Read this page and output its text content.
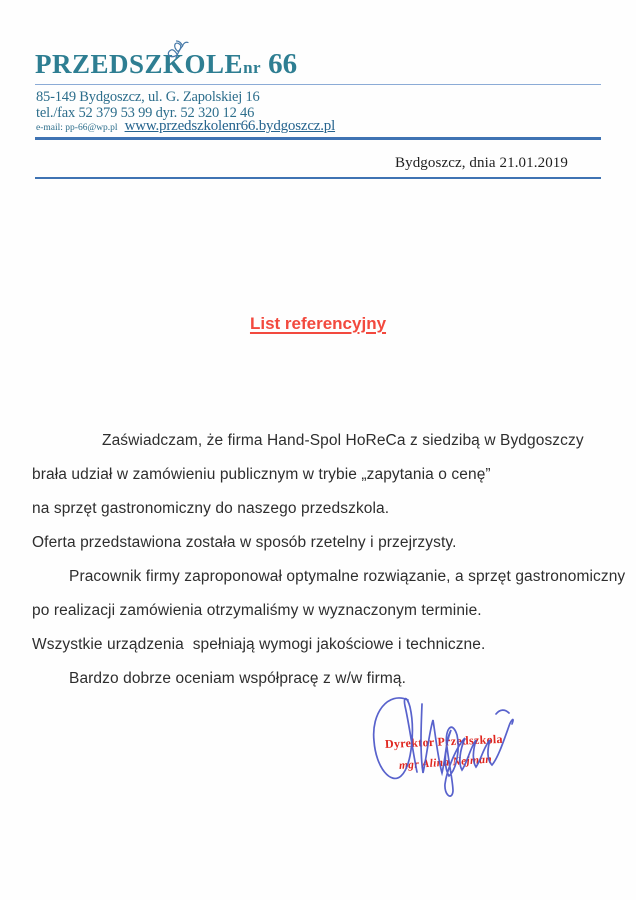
PRZEDSZKOLEnr 66
85-149 Bydgoszcz, ul. G. Zapolskiej 16
tel./fax 52 379 53 99 dyr. 52 320 12 46
e-mail: pp-66@wp.pl www.przedszkolenr66.bydgoszcz.pl
Bydgoszcz, dnia 21.01.2019
List referencyjny
Zaświadczam, że firma Hand-Spol HoReCa z siedzibą w Bydgoszczy
brała udział w zamówieniu publicznym w trybie „zapytania o cenę”
na sprzęt gastronomiczny do naszego przedszkola.
Oferta przedstawiona została w sposób rzetelny i przejrzysty.
Pracownik firmy zaproponował optymalne rozwiązanie, a sprzęt gastronomiczny
po realizacji zamówienia otrzymaliśmy w wyznaczonym terminie.
Wszystkie urządzenia  spełniają wymogi jakościowe i techniczne.
Bardzo dobrze oceniam współpracę z w/w firmą.
Dyrektor Przedszkola
mgr Alina Nejman
